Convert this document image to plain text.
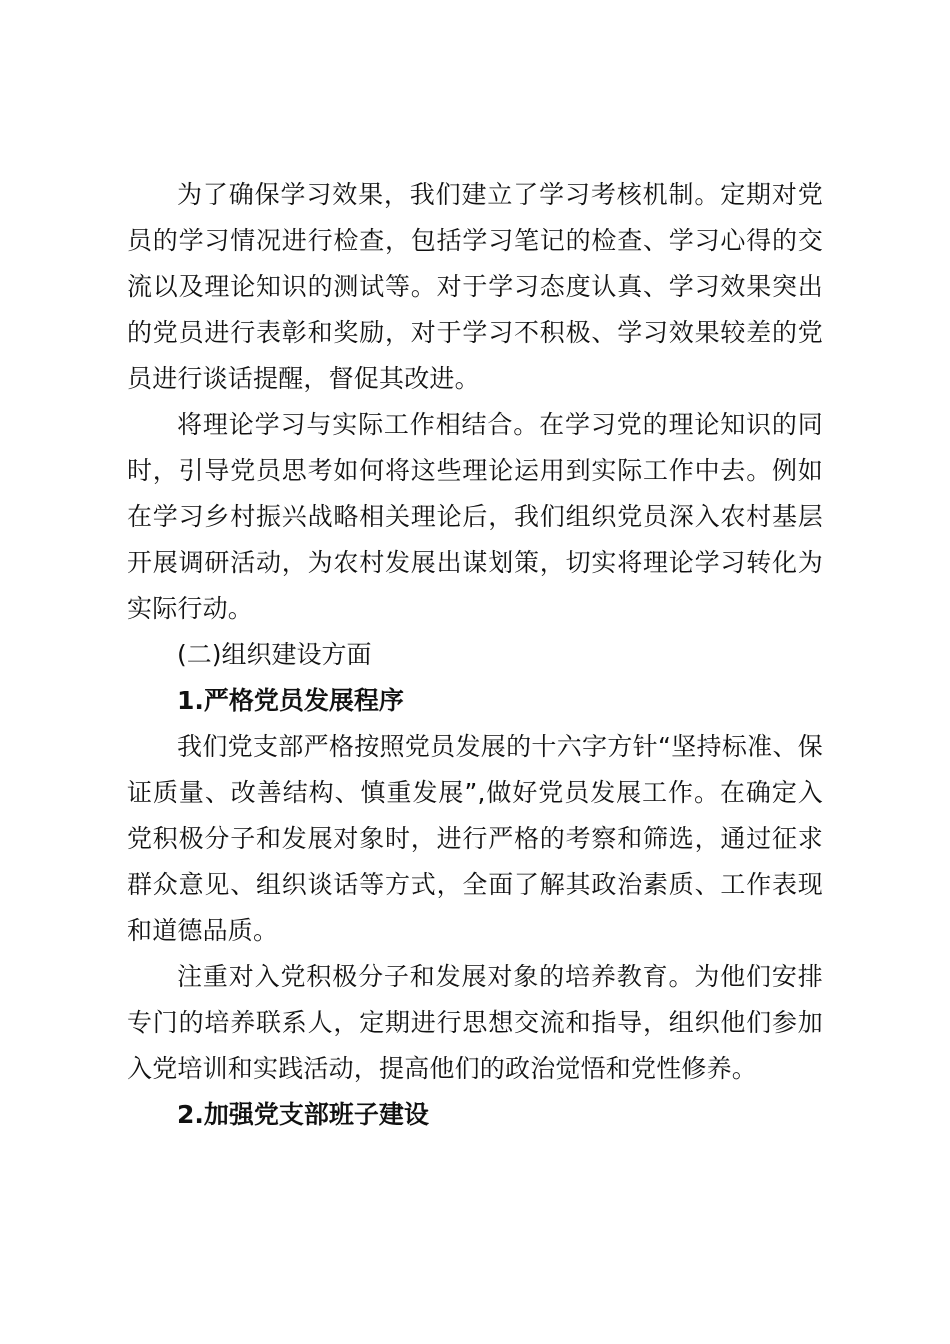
为了确保学习效果，我们建立了学习考核机制。定期对党员的学习情况进行检查，包括学习笔记的检查、学习心得的交流以及理论知识的测试等。对于学习态度认真、学习效果突出的党员进行表彰和奖励，对于学习不积极、学习效果较差的党员进行谈话提醒，督促其改进。

将理论学习与实际工作相结合。在学习党的理论知识的同时，引导党员思考如何将这些理论运用到实际工作中去。例如在学习乡村振兴战略相关理论后，我们组织党员深入农村基层开展调研活动，为农村发展出谋划策，切实将理论学习转化为实际行动。

(二)组织建设方面

1.严格党员发展程序

我们党支部严格按照党员发展的十六字方针“坚持标准、保证质量、改善结构、慎重发展”,做好党员发展工作。在确定入党积极分子和发展对象时，进行严格的考察和筛选，通过征求群众意见、组织谈话等方式，全面了解其政治素质、工作表现和道德品质。

注重对入党积极分子和发展对象的培养教育。为他们安排专门的培养联系人，定期进行思想交流和指导，组织他们参加入党培训和实践活动，提高他们的政治觉悟和党性修养。

2.加强党支部班子建设
